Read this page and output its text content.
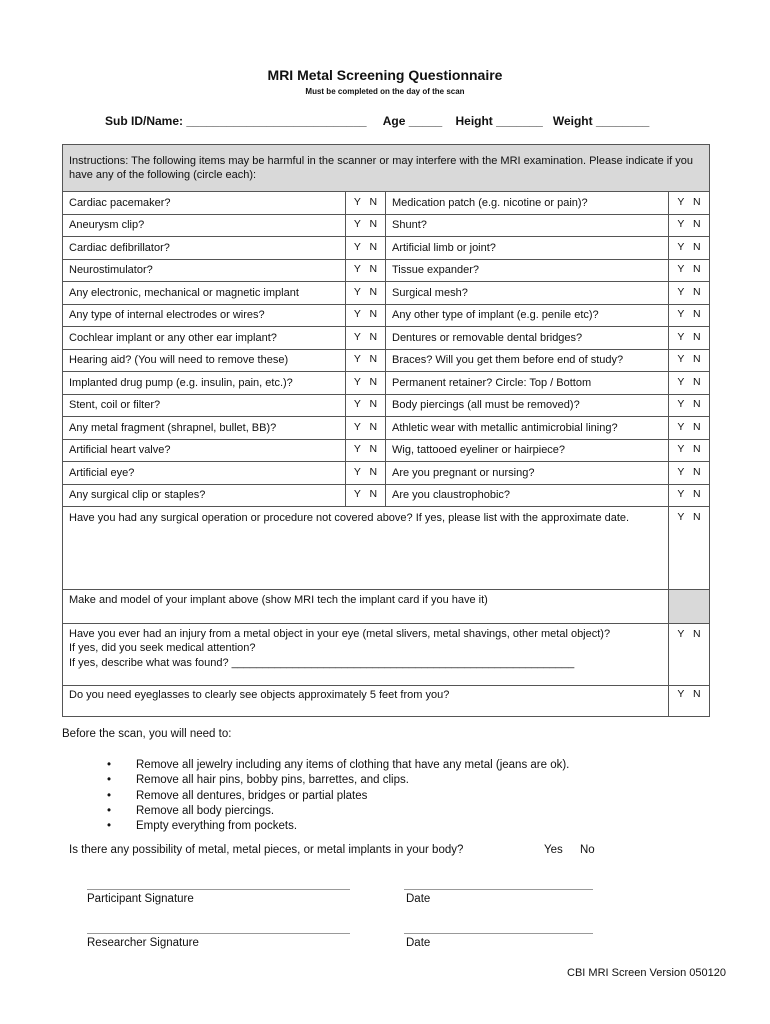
MRI Metal Screening Questionnaire
Must be completed on the day of the scan
Sub ID/Name: ___________________________     Age _____    Height _______   Weight ________
Instructions: The following items may be harmful in the scanner or may interfere with the MRI examination. Please indicate if you have any of the following (circle each):			
Cardiac pacemaker?	Y   N	Medication patch (e.g. nicotine or pain)?	Y   N
Aneurysm clip?	Y   N	Shunt?	Y   N
Cardiac defibrillator?	Y   N	Artificial limb or joint?	Y   N
Neurostimulator?	Y   N	Tissue expander?	Y   N
Any electronic, mechanical or magnetic implant	Y   N	Surgical mesh?	Y   N
Any type of internal electrodes or wires?	Y   N	Any other type of implant (e.g. penile etc)?	Y   N
Cochlear implant or any other ear implant?	Y   N	Dentures or removable dental bridges?	Y   N
Hearing aid? (You will need to remove these)	Y   N	Braces? Will you get them before end of study?	Y   N
Implanted drug pump (e.g. insulin, pain, etc.)?	Y   N	Permanent retainer? Circle: Top / Bottom	Y   N
Stent, coil or filter?	Y   N	Body piercings (all must be removed)?	Y   N
Any metal fragment (shrapnel, bullet, BB)?	Y   N	Athletic wear with metallic antimicrobial lining?	Y   N
Artificial heart valve?	Y   N	Wig, tattooed eyeliner or hairpiece?	Y   N
Artificial eye?	Y   N	Are you pregnant or nursing?	Y   N
Any surgical clip or staples?	Y   N	Are you claustrophobic?	Y   N
Have you had any surgical operation or procedure not covered above? If yes, please list with the approximate date.			Y   N
Make and model of your implant above (show MRI tech the implant card if you have it)			

Have you ever had an injury from a metal object in your eye (metal slivers, metal shavings, other metal object)?
If yes, did you seek medical attention?
If yes, describe what was found? ________________________________________________________			Y   N
Do you need eyeglasses to clearly see objects approximately 5 feet from you?			Y   N
Before the scan, you will need to:
• Remove all jewelry including any items of clothing that have any metal (jeans are ok).
• Remove all hair pins, bobby pins, barrettes, and clips.
• Remove all dentures, bridges or partial plates
• Remove all body piercings.
• Empty everything from pockets.
Is there any possibility of metal, metal pieces, or metal implants in your body?	Yes No
Participant Signature	Date
Researcher Signature	Date
CBI MRI Screen Version 050120
